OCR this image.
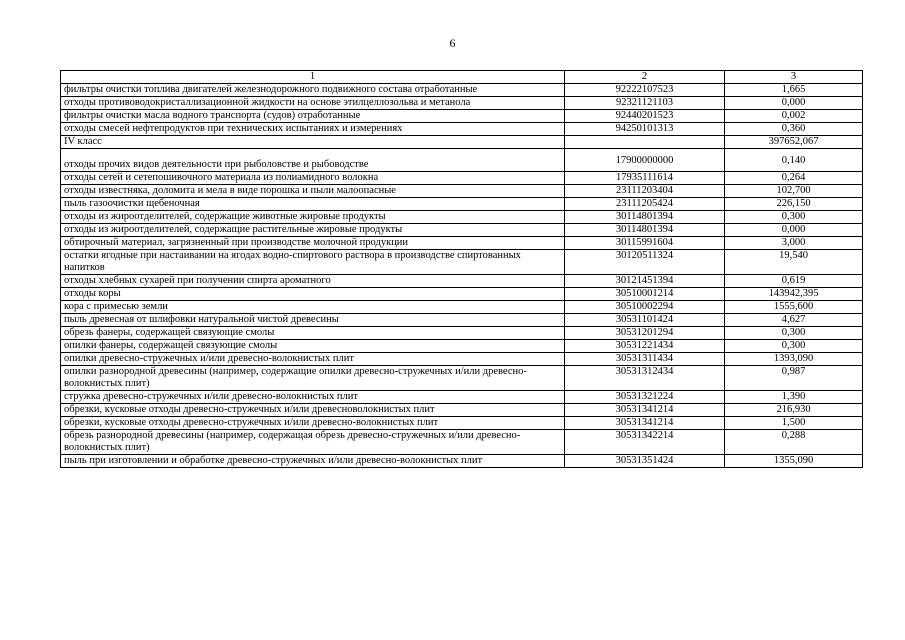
6
1	2	3
фильтры очистки топлива двигателей железнодорожного подвижного состава отработанные	92222107523	1,665
отходы противоводокристаллизационной жидкости на основе этилцеллозольва и метанола	92321121103	0,000
фильтры очистки масла водного транспорта (судов) отработанные	92440201523	0,002
отходы смесей нефтепродуктов при технических испытаниях и измерениях	94250101313	0,360
IV класс		397652,067
отходы прочих видов деятельности при рыболовстве и рыбоводстве	17900000000	0,140
отходы сетей и сетепошивочного материала из полиамидного волокна	17935111614	0,264
отходы известняка, доломита и мела в виде порошка и пыли малоопасные	23111203404	102,700
пыль газоочистки щебеночная	23111205424	226,150
отходы из жироотделителей, содержащие животные жировые продукты	30114801394	0,300
отходы из жироотделителей, содержащие растительные жировые продукты	30114801394	0,000
обтирочный материал, загрязненный при производстве молочной продукции	30115991604	3,000
остатки ягодные при настаивании на ягодах водно-спиртового раствора в производстве спиртованных напитков	30120511324	19,540
отходы хлебных сухарей при получении спирта ароматного	30121451394	0,619
отходы коры	30510001214	143942,395
кора с примесью земли	30510002294	1555,600
пыль древесная от шлифовки натуральной чистой древесины	30531101424	4,627
обрезь фанеры, содержащей связующие смолы	30531201294	0,300
опилки фанеры, содержащей связующие смолы	30531221434	0,300
опилки древесно-стружечных и/или древесно-волокнистых плит	30531311434	1393,090
опилки разнородной древесины (например, содержащие опилки древесно-стружечных и/или древесно-волокнистых плит)	30531312434	0,987
стружка древесно-стружечных и/или древесно-волокнистых плит	30531321224	1,390
обрезки, кусковые отходы древесно-стружечных и/или древесноволокнистых плит	30531341214	216,930
обрезки, кусковые отходы древесно-стружечных и/или древесно-волокнистых плит	30531341214	1,500
обрезь разнородной древесины (например, содержащая обрезь древесно-стружечных и/или древесно-волокнистых плит)	30531342214	0,288
пыль при изготовлении и обработке древесно-стружечных и/или древесно-волокнистых плит	30531351424	1355,090
